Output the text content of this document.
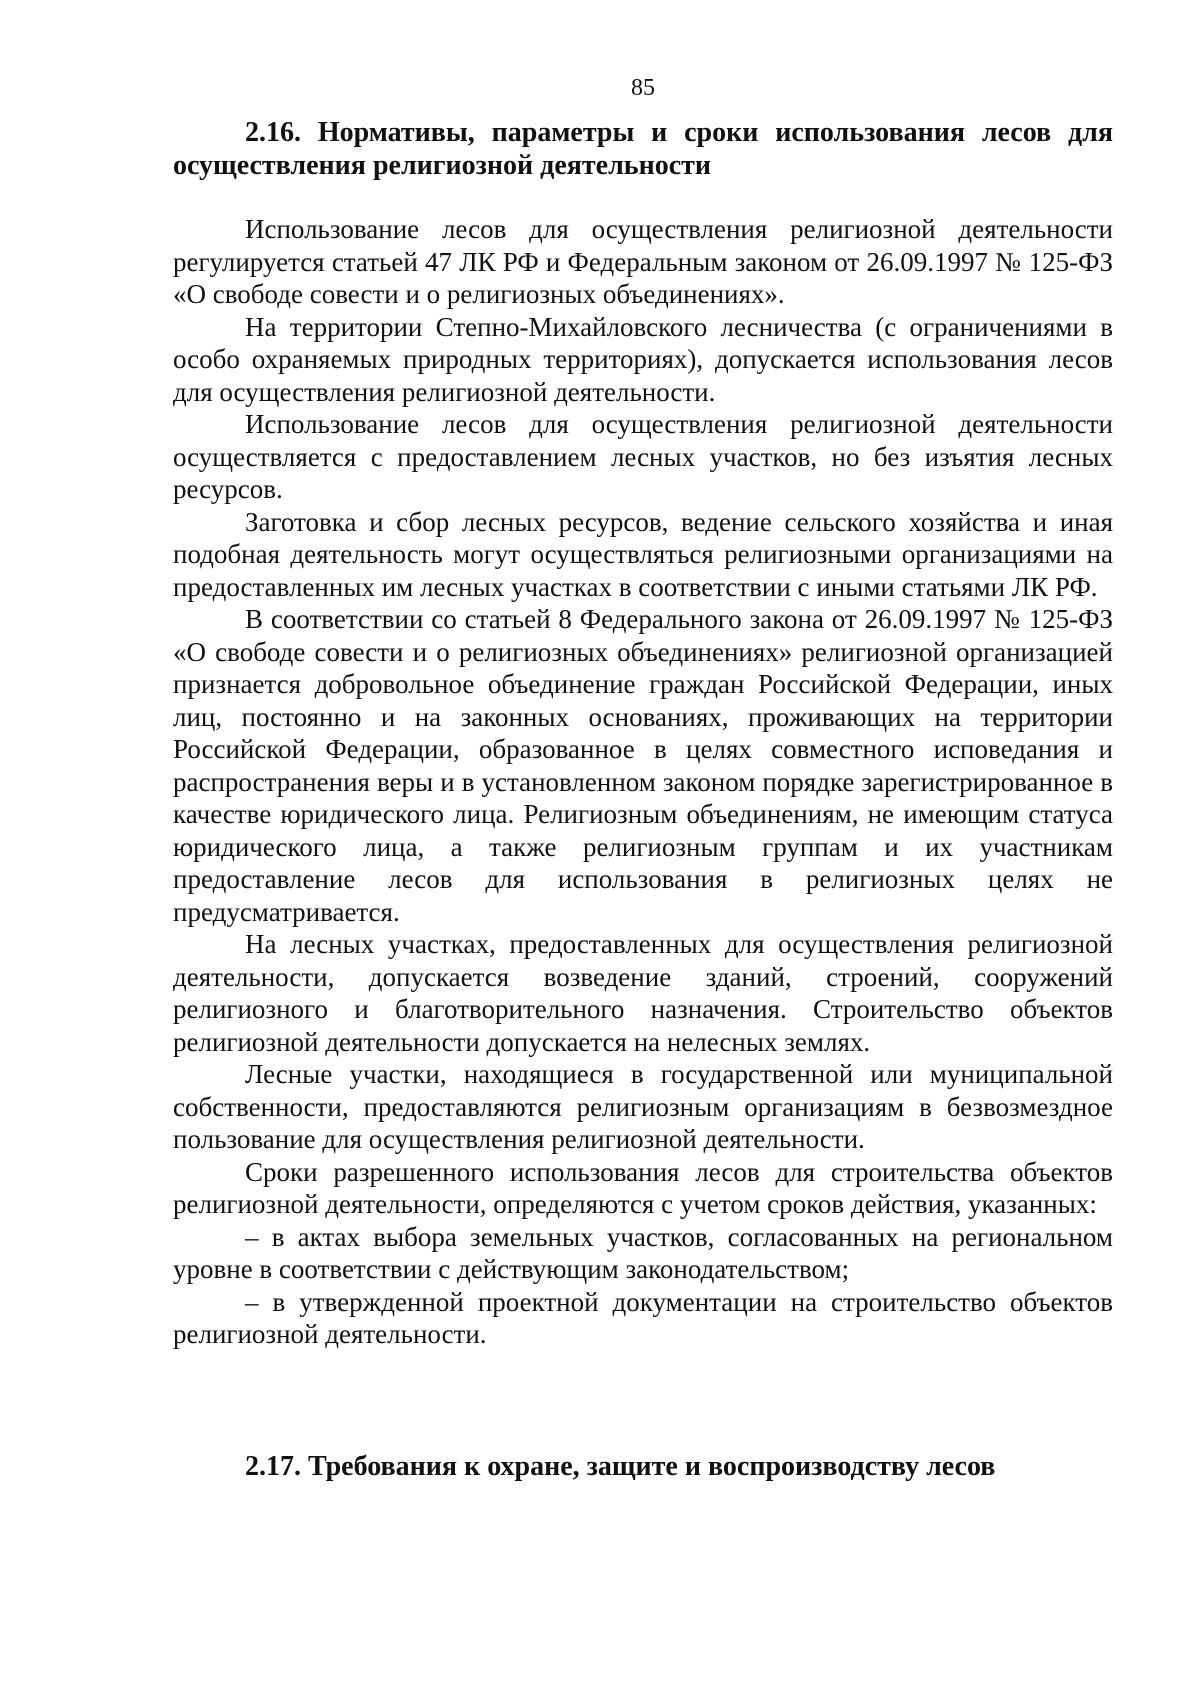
85
2.16. Нормативы, параметры и сроки использования лесов для осуществления религиозной деятельности

Использование лесов для осуществления религиозной деятельности регулируется статьей 47 ЛК РФ и Федеральным законом от 26.09.1997 № 125-ФЗ «О свободе совести и о религиозных объединениях».

На территории Степно-Михайловского лесничества (с ограничениями в особо охраняемых природных территориях), допускается использования лесов для осуществления религиозной деятельности.

Использование лесов для осуществления религиозной деятельности осуществляется с предоставлением лесных участков, но без изъятия лесных ресурсов.

Заготовка и сбор лесных ресурсов, ведение сельского хозяйства и иная подобная деятельность могут осуществляться религиозными организациями на предоставленных им лесных участках в соответствии с иными статьями ЛК РФ.

В соответствии со статьей 8 Федерального закона от 26.09.1997 № 125-ФЗ «О свободе совести и о религиозных объединениях» религиозной организацией признается добровольное объединение граждан Российской Федерации, иных лиц, постоянно и на законных основаниях, проживающих на территории Российской Федерации, образованное в целях совместного исповедания и распространения веры и в установленном законом порядке зарегистрированное в качестве юридического лица. Религиозным объединениям, не имеющим статуса юридического лица, а также религиозным группам и их участникам предоставление лесов для использования в религиозных целях не предусматривается.

На лесных участках, предоставленных для осуществления религиозной деятельности, допускается возведение зданий, строений, сооружений религиозного и благотворительного назначения. Строительство объектов религиозной деятельности допускается на нелесных землях.

Лесные участки, находящиеся в государственной или муниципальной собственности, предоставляются религиозным организациям в безвозмездное пользование для осуществления религиозной деятельности.

Сроки разрешенного использования лесов для строительства объектов религиозной деятельности, определяются с учетом сроков действия, указанных:

– в актах выбора земельных участков, согласованных на региональном уровне в соответствии с действующим законодательством;

– в утвержденной проектной документации на строительство объектов религиозной деятельности.

2.17. Требования к охране, защите и воспроизводству лесов
